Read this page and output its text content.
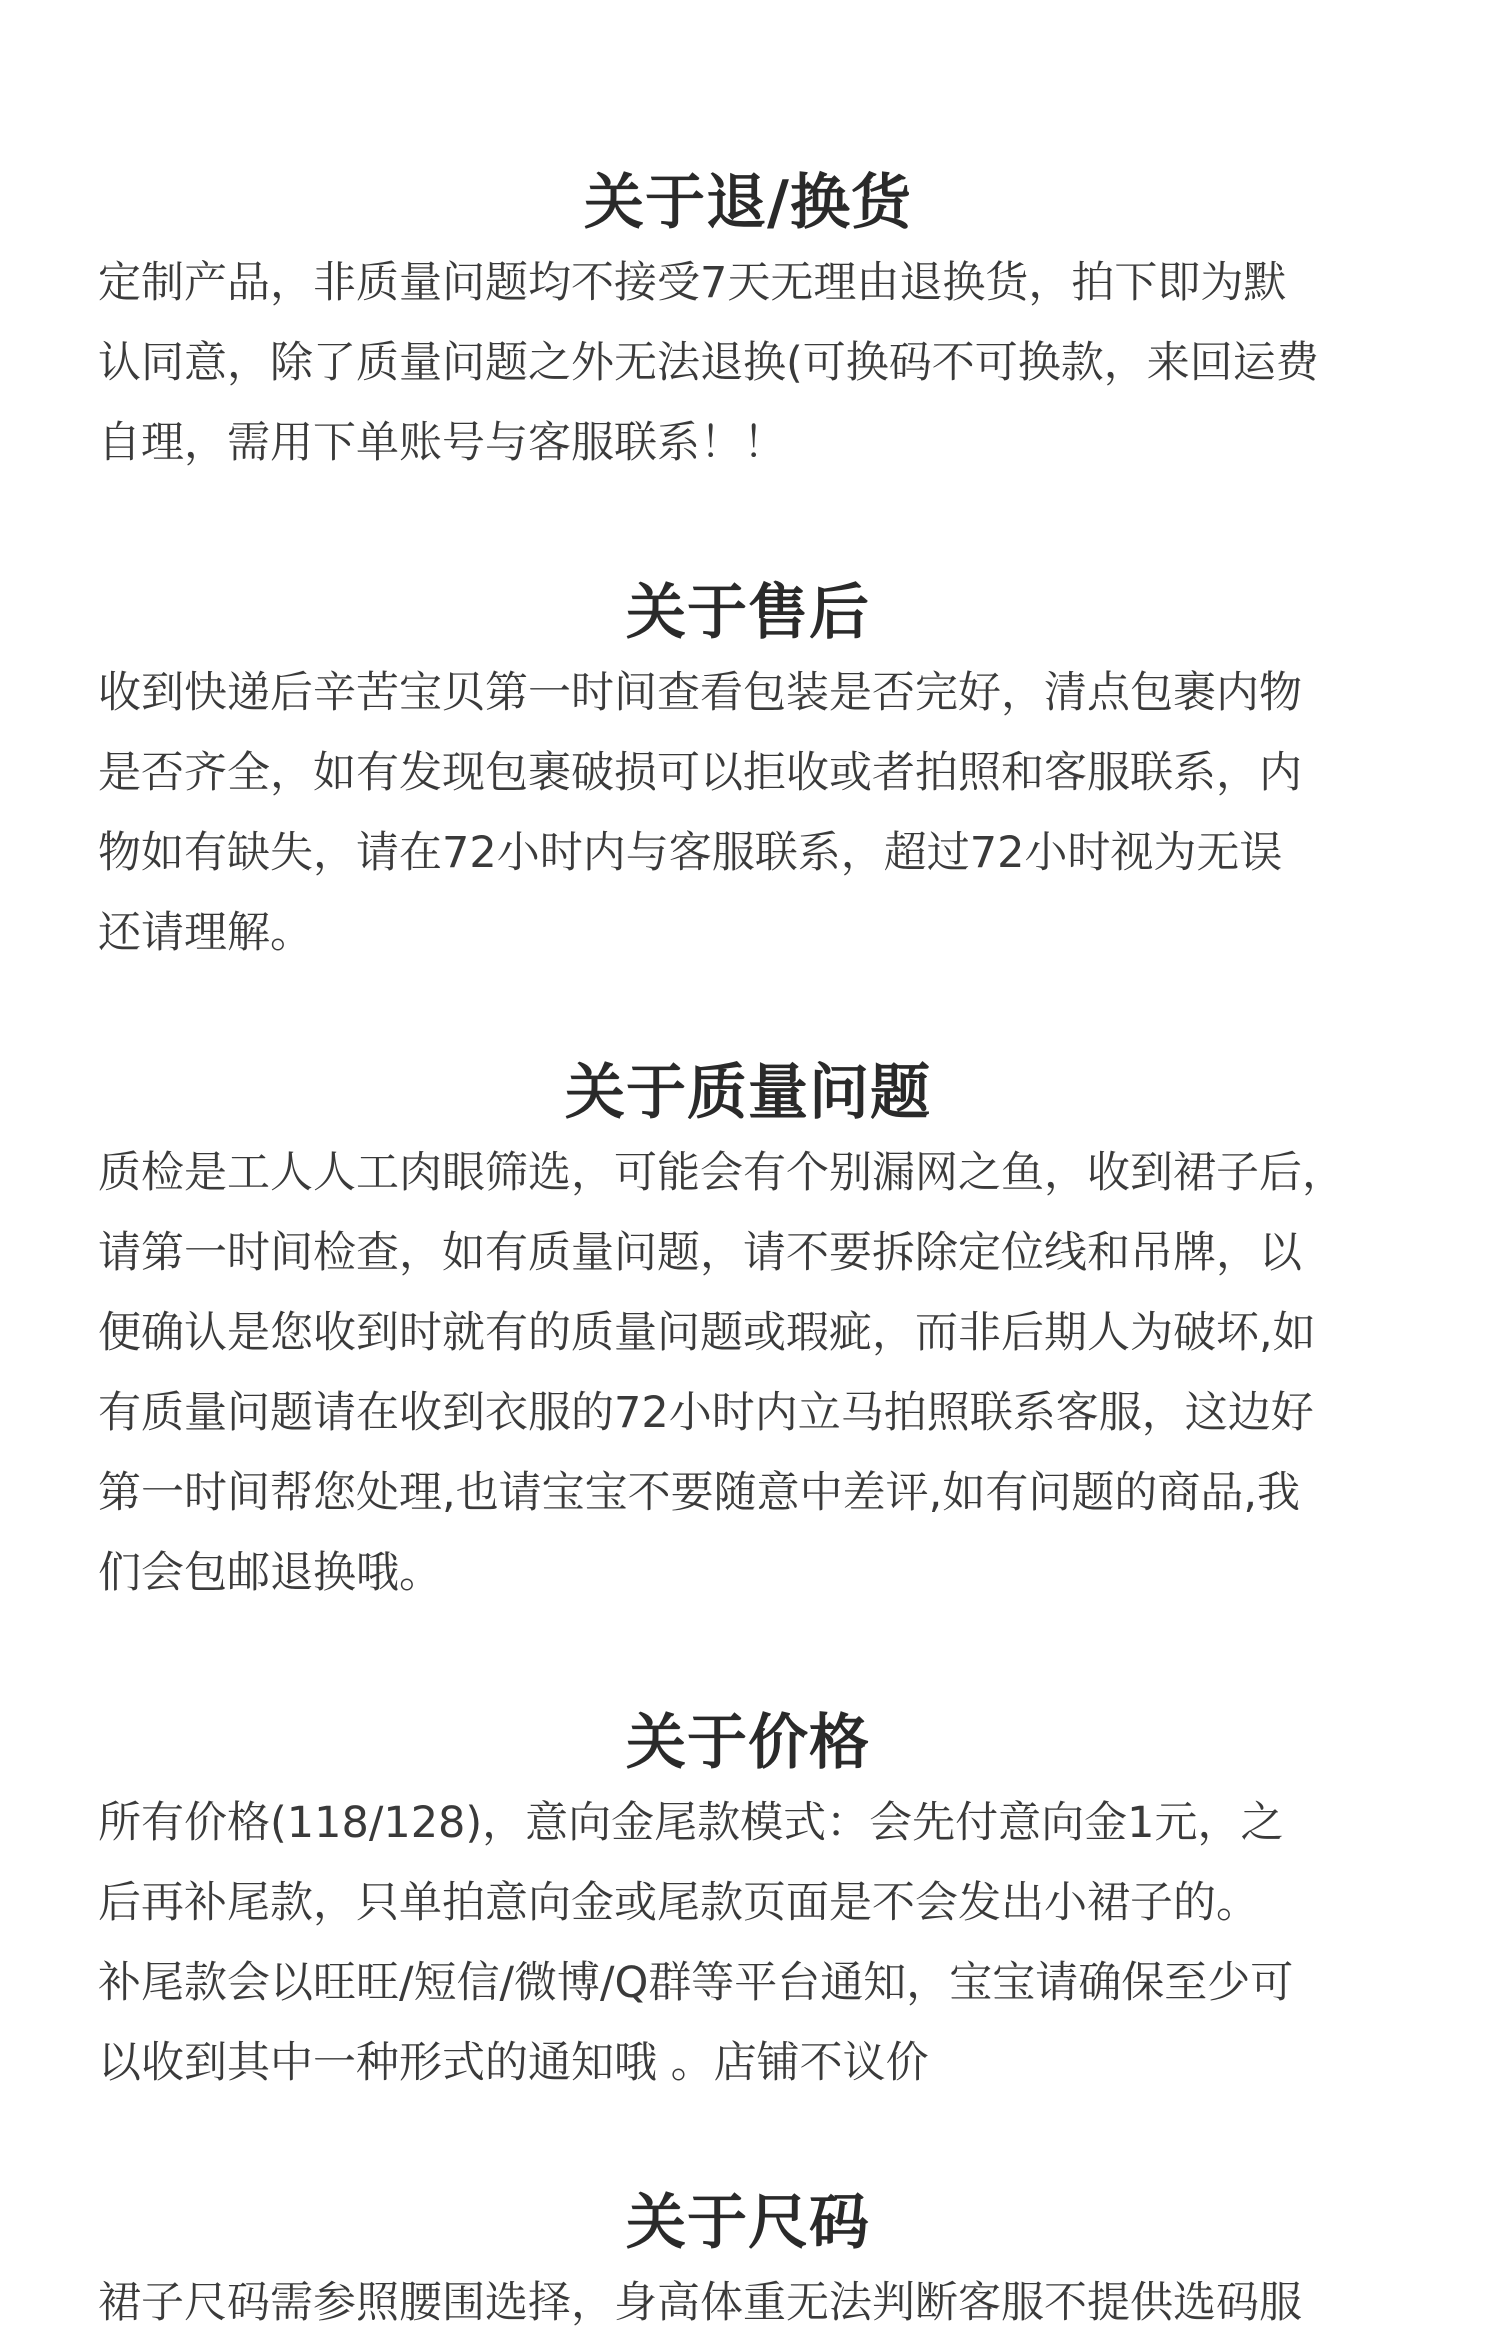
关于退/换货
定制产品，非质量问题均不接受7天无理由退换货，拍下即为默
认同意，除了质量问题之外无法退换(可换码不可换款，来回运费
自理，需用下单账号与客服联系！！
关于售后
收到快递后辛苦宝贝第一时间查看包装是否完好，清点包裹内物
是否齐全，如有发现包裹破损可以拒收或者拍照和客服联系，内
物如有缺失，请在72小时内与客服联系，超过72小时视为无误
还请理解。
关于质量问题
质检是工人人工肉眼筛选，可能会有个别漏网之鱼，收到裙子后，
请第一时间检查，如有质量问题，请不要拆除定位线和吊牌，以
便确认是您收到时就有的质量问题或瑕疵，而非后期人为破坏,如
有质量问题请在收到衣服的72小时内立马拍照联系客服，这边好
第一时间帮您处理,也请宝宝不要随意中差评,如有问题的商品,我
们会包邮退换哦。
关于价格
所有价格(118/128)，意向金尾款模式：会先付意向金1元，之
后再补尾款，只单拍意向金或尾款页面是不会发出小裙子的。
补尾款会以旺旺/短信/微博/Q群等平台通知，宝宝请确保至少可
以收到其中一种形式的通知哦 。店铺不议价
关于尺码
裙子尺码需参照腰围选择，身高体重无法判断客服不提供选码服
